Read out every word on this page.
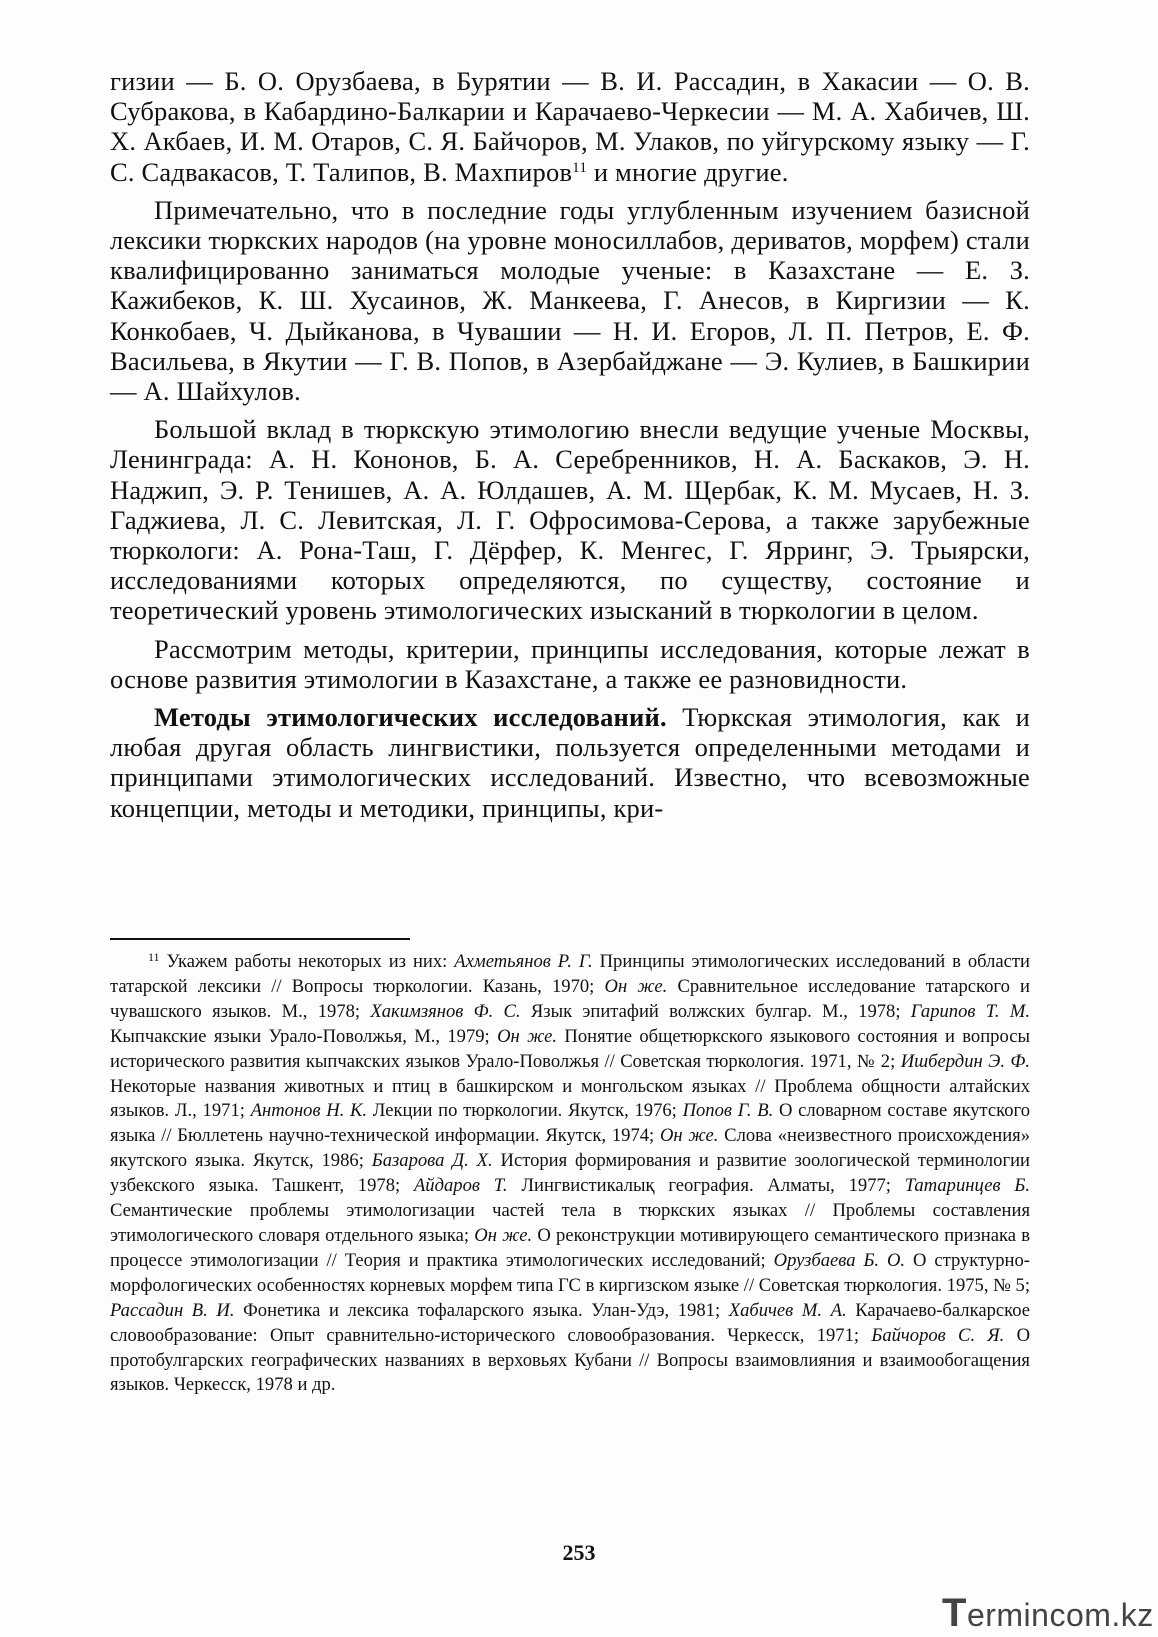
гизии — Б. О. Орузбаева, в Бурятии — В. И. Рассадин, в Хакасии — О. В. Субракова, в Кабардино-Балкарии и Карачаево-Черкесии — М. А. Хабичев, Ш. Х. Акбаев, И. М. Отаров, С. Я. Байчоров, М. Улаков, по уйгурскому языку — Г. С. Садвакасов, Т. Талипов, В. Махпиров$^{11}$ и многие другие.

Примечательно, что в последние годы углубленным изучением базисной лексики тюркских народов (на уровне моносиллабов, дериватов, морфем) стали квалифицированно заниматься молодые ученые: в Казахстане — Е. З. Кажибеков, К. Ш. Хусаинов, Ж. Манкеева, Г. Анесов, в Киргизии — К. Конкобаев, Ч. Дыйканова, в Чувашии — Н. И. Егоров, Л. П. Петров, Е. Ф. Васильева, в Якутии — Г. В. Попов, в Азербайджане — Э. Кулиев, в Башкирии — А. Шайхулов.

Большой вклад в тюркскую этимологию внесли ведущие ученые Москвы, Ленинграда: А. Н. Кононов, Б. А. Серебренников, Н. А. Баскаков, Э. Н. Наджип, Э. Р. Тенишев, А. А. Юлдашев, А. М. Щербак, К. М. Мусаев, Н. З. Гаджиева, Л. С. Левитская, Л. Г. Офросимова-Серова, а также зарубежные тюркологи: А. Рона-Таш, Г. Дёрфер, К. Менгес, Г. Ярринг, Э. Трыярски, исследованиями которых определяются, по существу, состояние и теоретический уровень этимологических изысканий в тюркологии в целом.

Рассмотрим методы, критерии, принципы исследования, которые лежат в основе развития этимологии в Казахстане, а также ее разновидности.

Методы этимологических исследований. Тюркская этимология, как и любая другая область лингвистики, пользуется определенными методами и принципами этимологических исследований. Известно, что всевозможные концепции, методы и методики, принципы, кри-

$^{11}$ Укажем работы некоторых из них: Ахметьянов Р. Г. Принципы этимологических исследований в области татарской лексики // Вопросы тюркологии. Казань, 1970; Он же. Сравнительное исследование татарского и чувашского языков. М., 1978; Хакимзянов Ф. С. Язык эпитафий волжских булгар. М., 1978; Гарипов Т. М. Кыпчакские языки Урало-Поволжья, М., 1979; Он же. Понятие общетюркского языкового состояния и вопросы исторического развития кыпчакских языков Урало-Поволжья // Советская тюркология. 1971, № 2; Ишбердин Э. Ф. Некоторые названия животных и птиц в башкирском и монгольском языках // Проблема общности алтайских языков. Л., 1971; Антонов Н. К. Лекции по тюркологии. Якутск, 1976; Попов Г. В. О словарном составе якутского языка // Бюллетень научно-технической информации. Якутск, 1974; Он же. Слова «неизвестного происхождения» якутского языка. Якутск, 1986; Базарова Д. Х. История формирования и развитие зоологической терминологии узбекского языка. Ташкент, 1978; Айдаров Т. Лингвистикалық география. Алматы, 1977; Татаринцев Б. Семантические проблемы этимологизации частей тела в тюркских языках // Проблемы составления этимологического словаря отдельного языка; Он же. О реконструкции мотивирующего семантического признака в процессе этимологизации // Теория и практика этимологических исследований; Орузбаева Б. О. О структурно-морфологических особенностях корневых морфем типа ГС в киргизском языке // Советская тюркология. 1975, № 5; Рассадин В. И. Фонетика и лексика тофаларского языка. Улан-Удэ, 1981; Хабичев М. А. Карачаево-балкарское словообразование: Опыт сравнительно-исторического словообразования. Черкесск, 1971; Байчоров С. Я. О протобулгарских географических названиях в верховьях Кубани // Вопросы взаимовлияния и взаимообогащения языков. Черкесск, 1978 и др.

253
Termincom.kz
